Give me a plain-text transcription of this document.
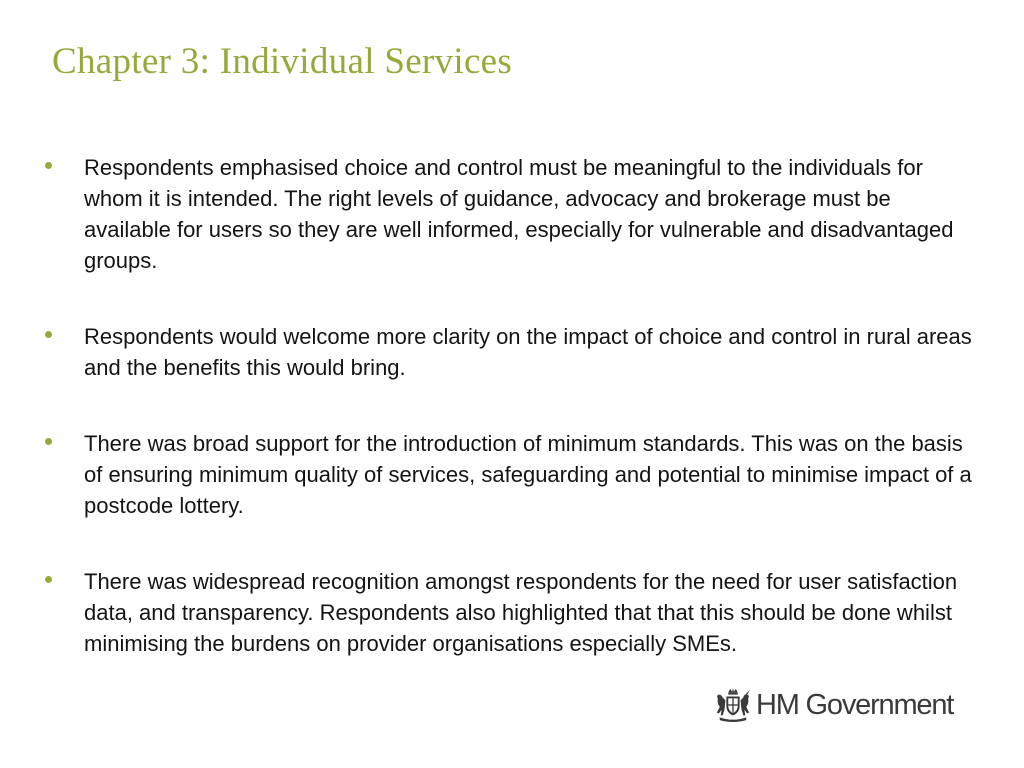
Chapter 3: Individual Services

Respondents emphasised choice and control must be meaningful to the individuals for whom it is intended. The right levels of guidance, advocacy and brokerage must be available for users so they are well informed, especially for vulnerable and disadvantaged groups.

Respondents would welcome more clarity on the impact of choice and control in rural areas and the benefits this would bring.

There was broad support for the introduction of minimum standards. This was on the basis of ensuring minimum quality of services, safeguarding and potential to minimise impact of a postcode lottery.

There was widespread recognition amongst respondents for the need for user satisfaction data, and transparency. Respondents also highlighted that that this should be done whilst minimising the burdens on provider organisations especially SMEs.

HM Government
